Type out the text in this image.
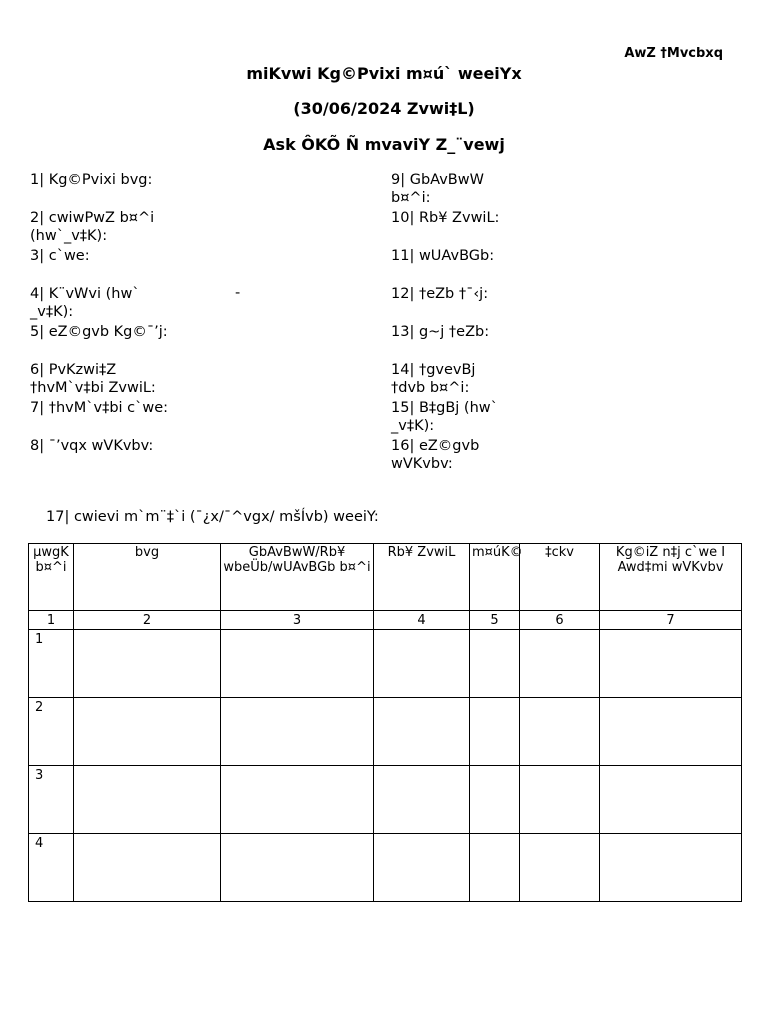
AwZ †Mvcbxq
miKvwi Kg©Pvixi m¤ú` weeiYx
(30/06/2024 Zvwi‡L)
Ask ÔKÕ Ñ mvaviY Z_¨vewj
1| Kg©Pvixi bvg:
2| cwiwPwZ b¤^i (hw`_v‡K):
3| c`we:
4| K¨vWvi (hw` _v‡K):
-
5| eZ©gvb Kg©¯’j:
6| PvKzwi‡Z †hvM`v‡bi ZvwiL:
7| †hvM`v‡bi c`we:
8| ¯’vqx wVKvbv:
9| GbAvBwW b¤^i:
10| Rb¥ ZvwiL:
11| wUAvBGb:
12| †eZb †¯‹j:
13| g~j †eZb:
14| †gvevBj †dvb b¤^i:
15| B‡gBj (hw` _v‡K):
16| eZ©gvb wVKvbv:
17| cwievi m`m¨‡`i (¯¿x/¯^vgx/ mšÍvb) weeiY:
µwgK b¤^i	bvg	GbAvBwW/Rb¥ wbeÜb/wUAvBGb b¤^i	Rb¥ ZvwiL	m¤úK©	‡ckv	Kg©iZ n‡j c`we I Awd‡mi wVKvbv
1	2	3	4	5	6	7
1						
2						
3						
4						
